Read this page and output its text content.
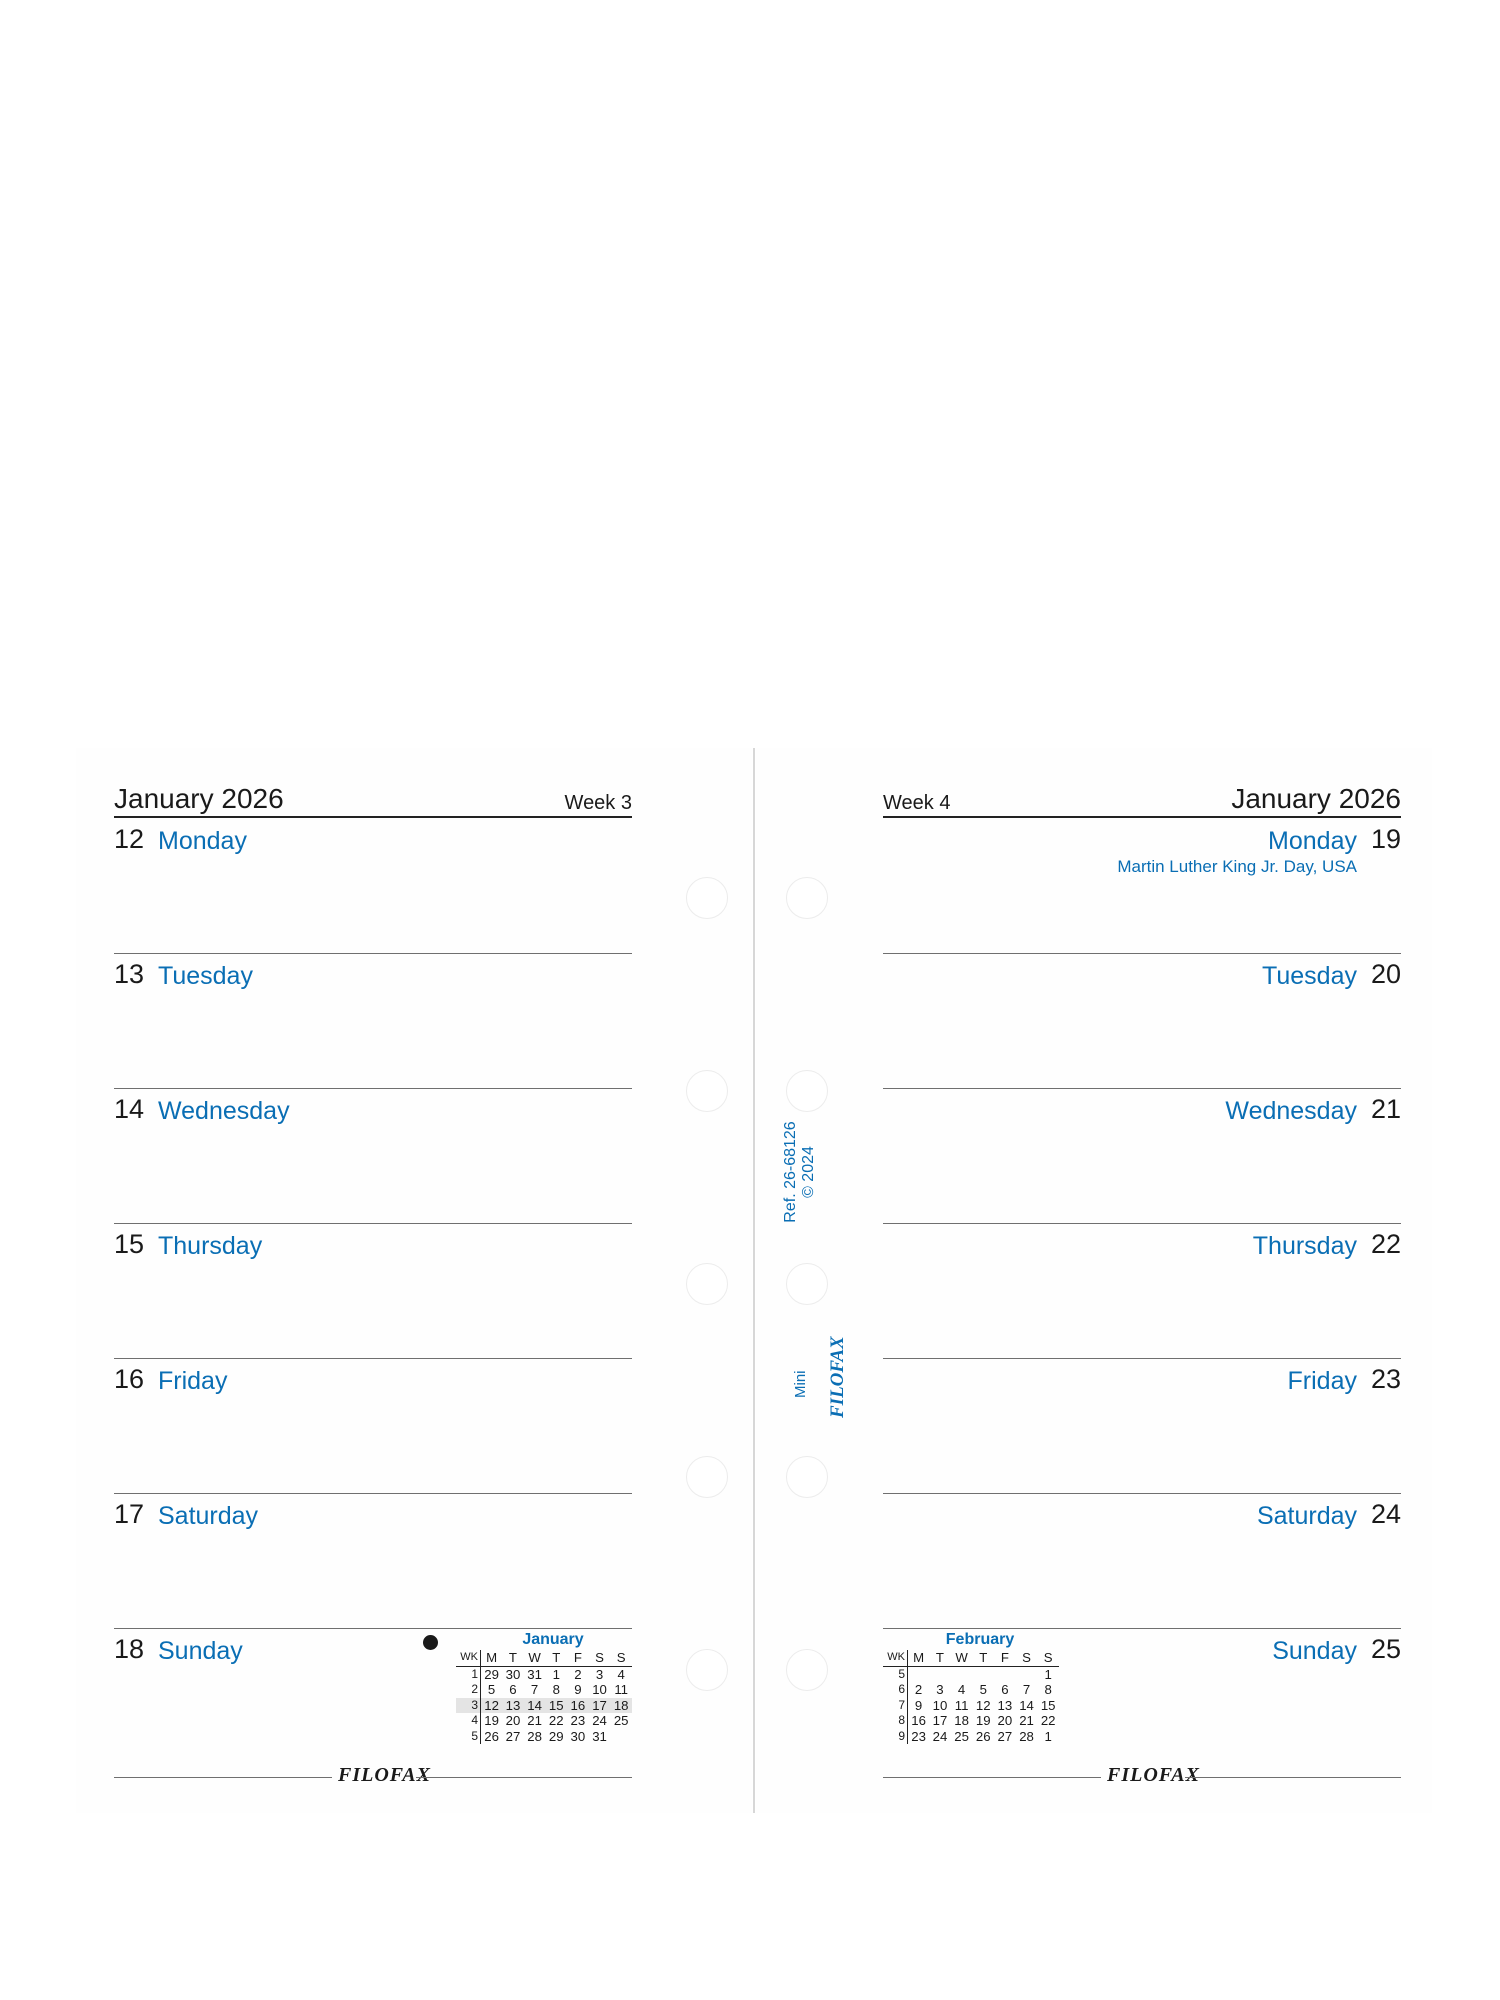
January 2026	Week 3
12 Monday
13 Tuesday
14 Wednesday
15 Thursday
16 Friday
17 Saturday
18 Sunday	January
WK	M	T	W	T	F	S	S
1	29	30	31	1	2	3	4
2	5	6	7	8	9	10	11
3	12	13	14	15	16	17	18
4	19	20	21	22	23	24	25
5	26	27	28	29	30	31	
FILOFAX
Week 4	January 2026
Monday 19
Martin Luther King Jr. Day, USA
Tuesday 20
Wednesday 21
Thursday 22
Friday 23
Saturday 24
Sunday 25
February
WK	M	T	W	T	F	S	S
5							1
6	2	3	4	5	6	7	8
7	9	10	11	12	13	14	15
8	16	17	18	19	20	21	22
9	23	24	25	26	27	28	1
FILOFAX
Ref. 26-68126 © 2024
Mini FILOFAX
